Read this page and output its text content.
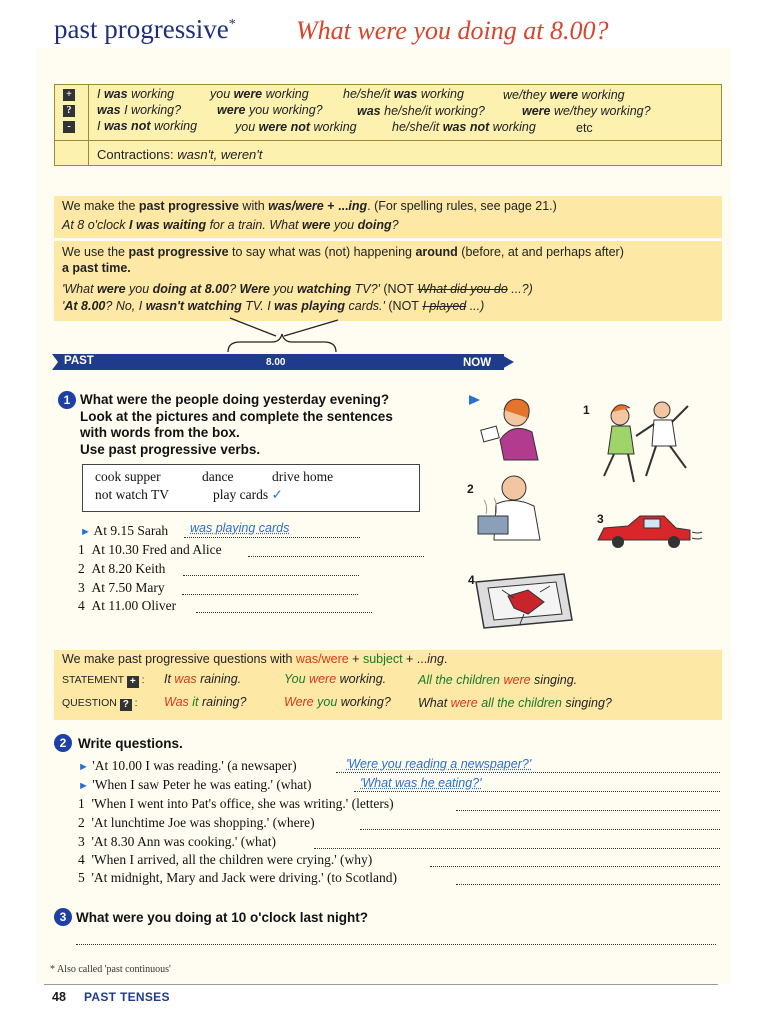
past progressive* What were you doing at 8.00?
+
?
-
I was working	you were working	he/she/it was working	we/they were working
was I working?	were you working?	was he/she/it working?	were we/they working?
I was not working	you were not working	he/she/it was not working	etc
Contractions: wasn't, weren't
We make the past progressive with was/were + ...ing. (For spelling rules, see page 21.)
At 8 o'clock I was waiting for a train. What were you doing?
We use the past progressive to say what was (not) happening around (before, at and perhaps after)
a past time.
'What were you doing at 8.00? Were you watching TV?' (NOT What did you do ...?)
'At 8.00? No, I wasn't watching TV. I was playing cards.' (NOT I played ...)
PAST	8.00	NOW
1 What were the people doing yesterday evening?
Look at the pictures and complete the sentences
with words from the box.
Use past progressive verbs.
cook supper	dance	drive home
not watch TV	play cards ✓
► At 9.15 Sarah was playing cards
1 At 10.30 Fred and Alice
2 At 8.20 Keith
3 At 7.50 Mary
4 At 11.00 Oliver
1
2
3
4
We make past progressive questions with was/were + subject + ...ing.
STATEMENT + : It was raining.	You were working.	All the children were singing.
QUESTION ? : Was it raining?	Were you working? What were all the children singing?
2 Write questions.
► 'At 10.00 I was reading.' (a newsaper)	'Were you reading a newspaper?'
► 'When I saw Peter he was eating.' (what)	'What was he eating?'
1 'When I went into Pat's office, she was writing.' (letters)
2 'At lunchtime Joe was shopping.' (where)
3 'At 8.30 Ann was cooking.' (what)
4 'When I arrived, all the children were crying.' (why)
5 'At midnight, Mary and Jack were driving.' (to Scotland)
3 What were you doing at 10 o'clock last night?
* Also called 'past continuous'
48 PAST TENSES
